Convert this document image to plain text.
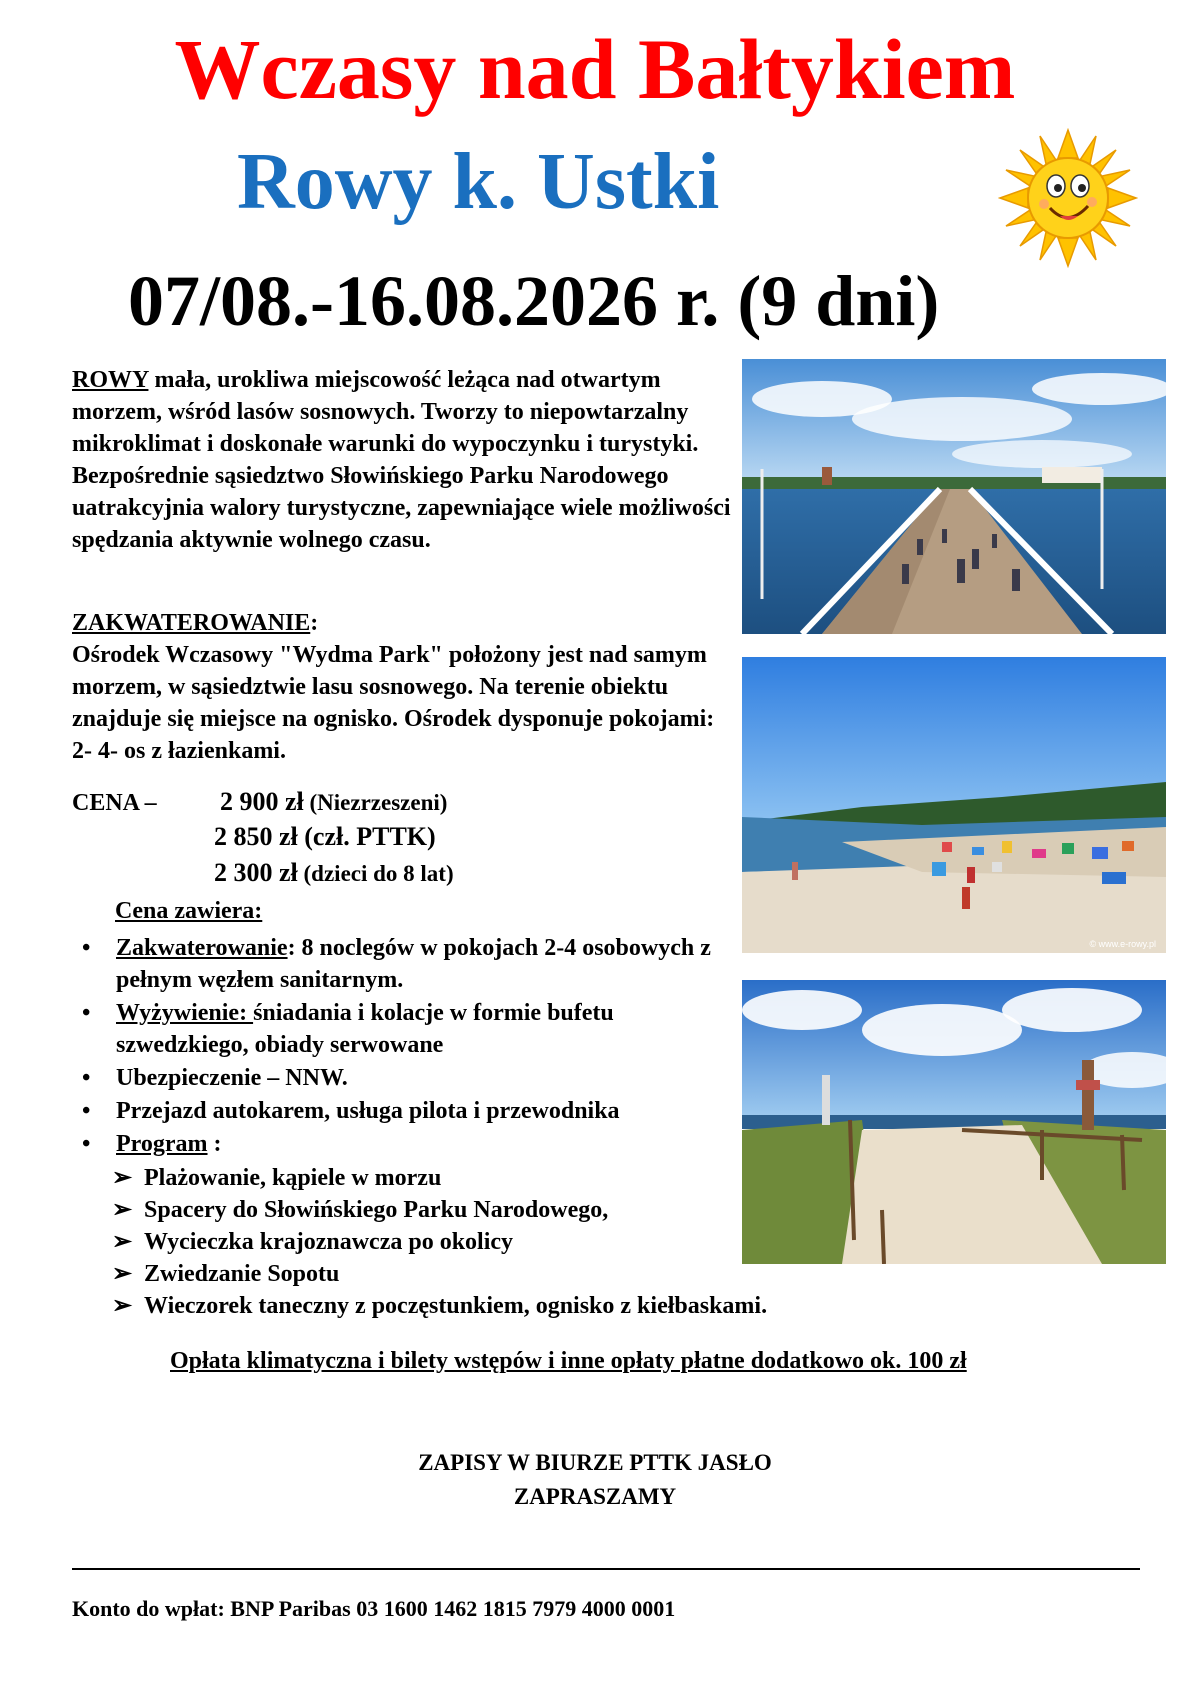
Wczasy nad Bałtykiem
Rowy k. Ustki
07/08.-16.08.2026 r. (9 dni)
ROWY mała, urokliwa miejscowość leżąca nad otwartym morzem, wśród lasów sosnowych. Tworzy to niepowtarzalny mikroklimat i doskonałe warunki do wypoczynku i turystyki. Bezpośrednie sąsiedztwo Słowińskiego Parku Narodowego uatrakcyjnia walory turystyczne, zapewniające wiele możliwości spędzania aktywnie wolnego czasu.
ZAKWATEROWANIE:
Ośrodek Wczasowy "Wydma Park" położony jest nad samym morzem, w sąsiedztwie lasu sosnowego. Na terenie obiektu znajduje się miejsce na ognisko. Ośrodek dysponuje pokojami: 2- 4- os z łazienkami.
CENA – 2 900 zł (Niezrzeszeni)
2 850 zł (czł. PTTK)
2 300 zł (dzieci do 8 lat)
Cena zawiera:
• Zakwaterowanie: 8 noclegów w pokojach 2-4 osobowych z pełnym węzłem sanitarnym.
• Wyżywienie: śniadania i kolacje w formie bufetu szwedzkiego, obiady serwowane
• Ubezpieczenie – NNW.
• Przejazd autokarem, usługa pilota i przewodnika
• Program :
➢ Plażowanie, kąpiele w morzu
➢ Spacery do Słowińskiego Parku Narodowego,
➢ Wycieczka krajoznawcza po okolicy
➢ Zwiedzanie Sopotu
➢ Wieczorek taneczny z poczęstunkiem, ognisko z kiełbaskami.
Opłata klimatyczna i bilety wstępów i inne opłaty płatne dodatkowo ok. 100 zł
ZAPISY W BIURZE PTTK JASŁO
ZAPRASZAMY
Konto do wpłat: BNP Paribas 03 1600 1462 1815 7979 4000 0001
© www.e-rowy.pl
